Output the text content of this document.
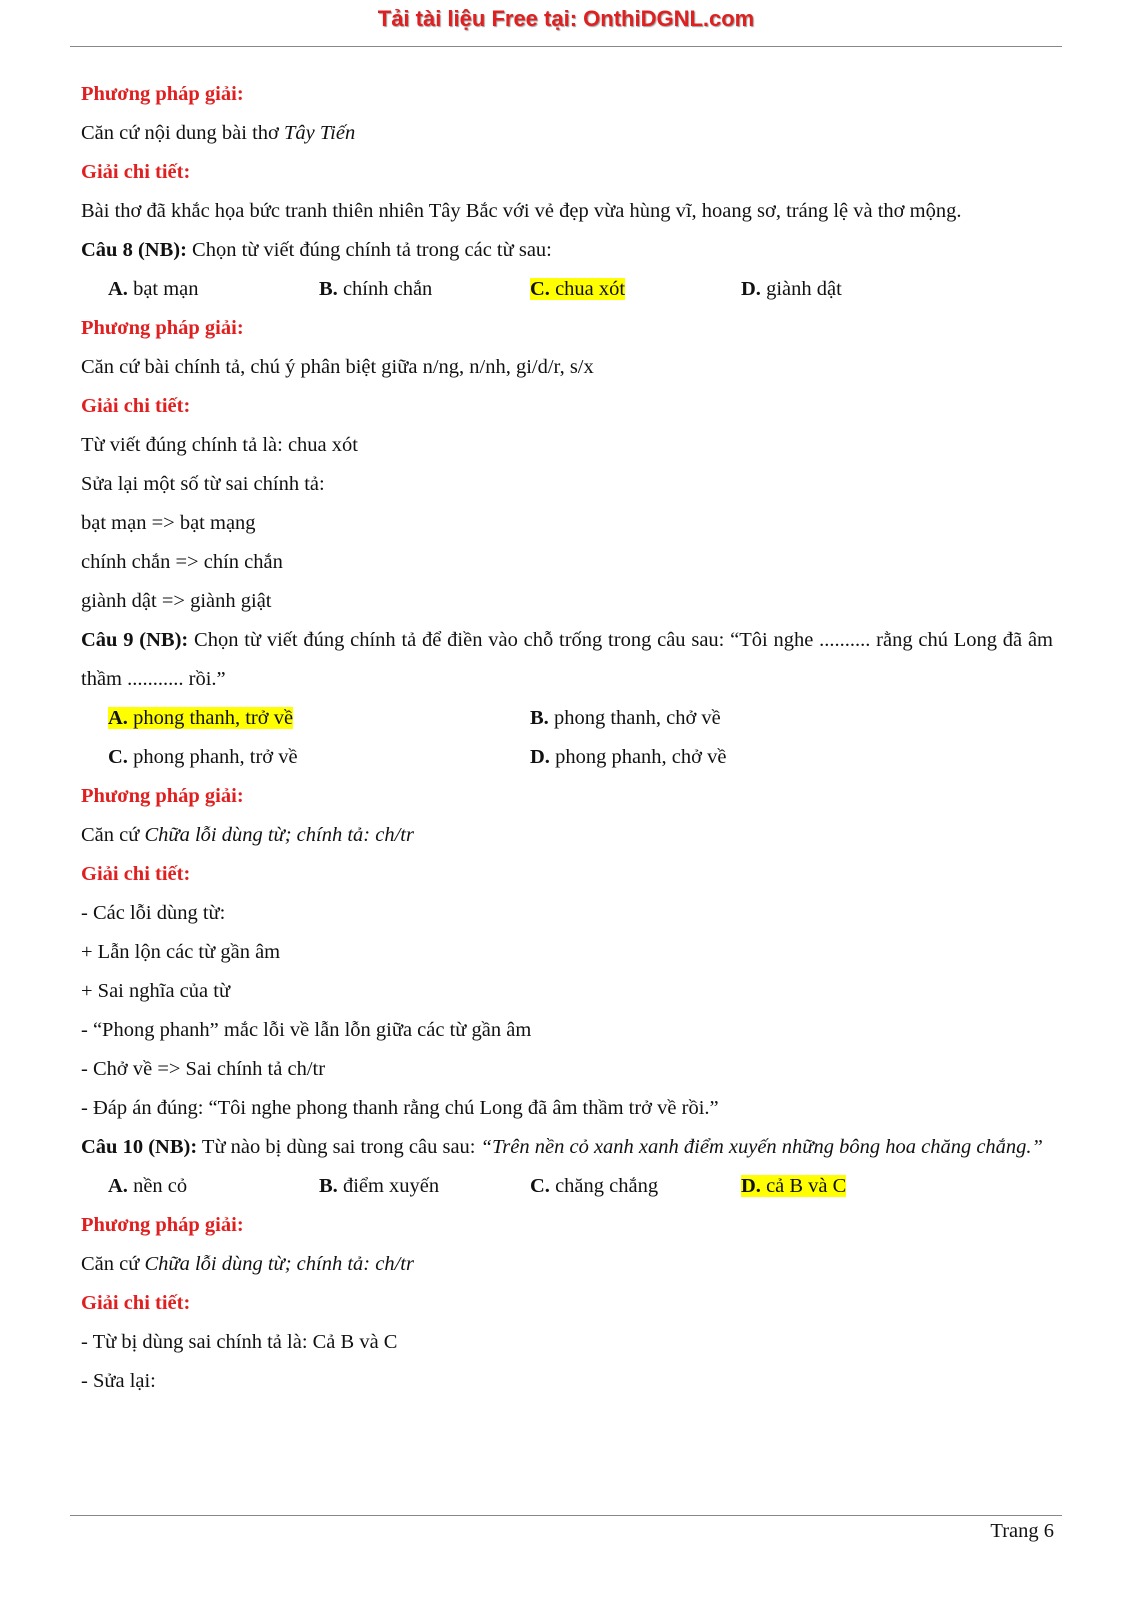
Tải tài liệu Free tại: OnthiDGNL.com
Phương pháp giải:
Căn cứ nội dung bài thơ Tây Tiến
Giải chi tiết:
Bài thơ đã khắc họa bức tranh thiên nhiên Tây Bắc với vẻ đẹp vừa hùng vĩ, hoang sơ, tráng lệ và thơ mộng.
Câu 8 (NB): Chọn từ viết đúng chính tả trong các từ sau:
A. bạt mạn	B. chính chắn	C. chua xót	D. giành dật
Phương pháp giải:
Căn cứ bài chính tả, chú ý phân biệt giữa n/ng, n/nh, gi/d/r, s/x
Giải chi tiết:
Từ viết đúng chính tả là: chua xót
Sửa lại một số từ sai chính tả:
bạt mạn => bạt mạng
chính chắn => chín chắn
giành dật => giành giật
Câu 9 (NB): Chọn từ viết đúng chính tả để điền vào chỗ trống trong câu sau: “Tôi nghe .......... rằng chú Long đã âm thầm ........... rồi.”
A. phong thanh, trở về	B. phong thanh, chở về
C. phong phanh, trở về	D. phong phanh, chở về
Phương pháp giải:
Căn cứ Chữa lỗi dùng từ; chính tả: ch/tr
Giải chi tiết:
- Các lỗi dùng từ:
+ Lẫn lộn các từ gần âm
+ Sai nghĩa của từ
- “Phong phanh” mắc lỗi về lẫn lỗn giữa các từ gần âm
- Chở về => Sai chính tả ch/tr
- Đáp án đúng: “Tôi nghe phong thanh rằng chú Long đã âm thầm trở về rồi.”
Câu 10 (NB): Từ nào bị dùng sai trong câu sau: “Trên nền cỏ xanh xanh điểm xuyến những bông hoa chăng chắng.”
A. nền cỏ	B. điểm xuyến	C. chăng chắng	D. cả B và C
Phương pháp giải:
Căn cứ Chữa lỗi dùng từ; chính tả: ch/tr
Giải chi tiết:
- Từ bị dùng sai chính tả là: Cả B và C
- Sửa lại:
Trang 6
